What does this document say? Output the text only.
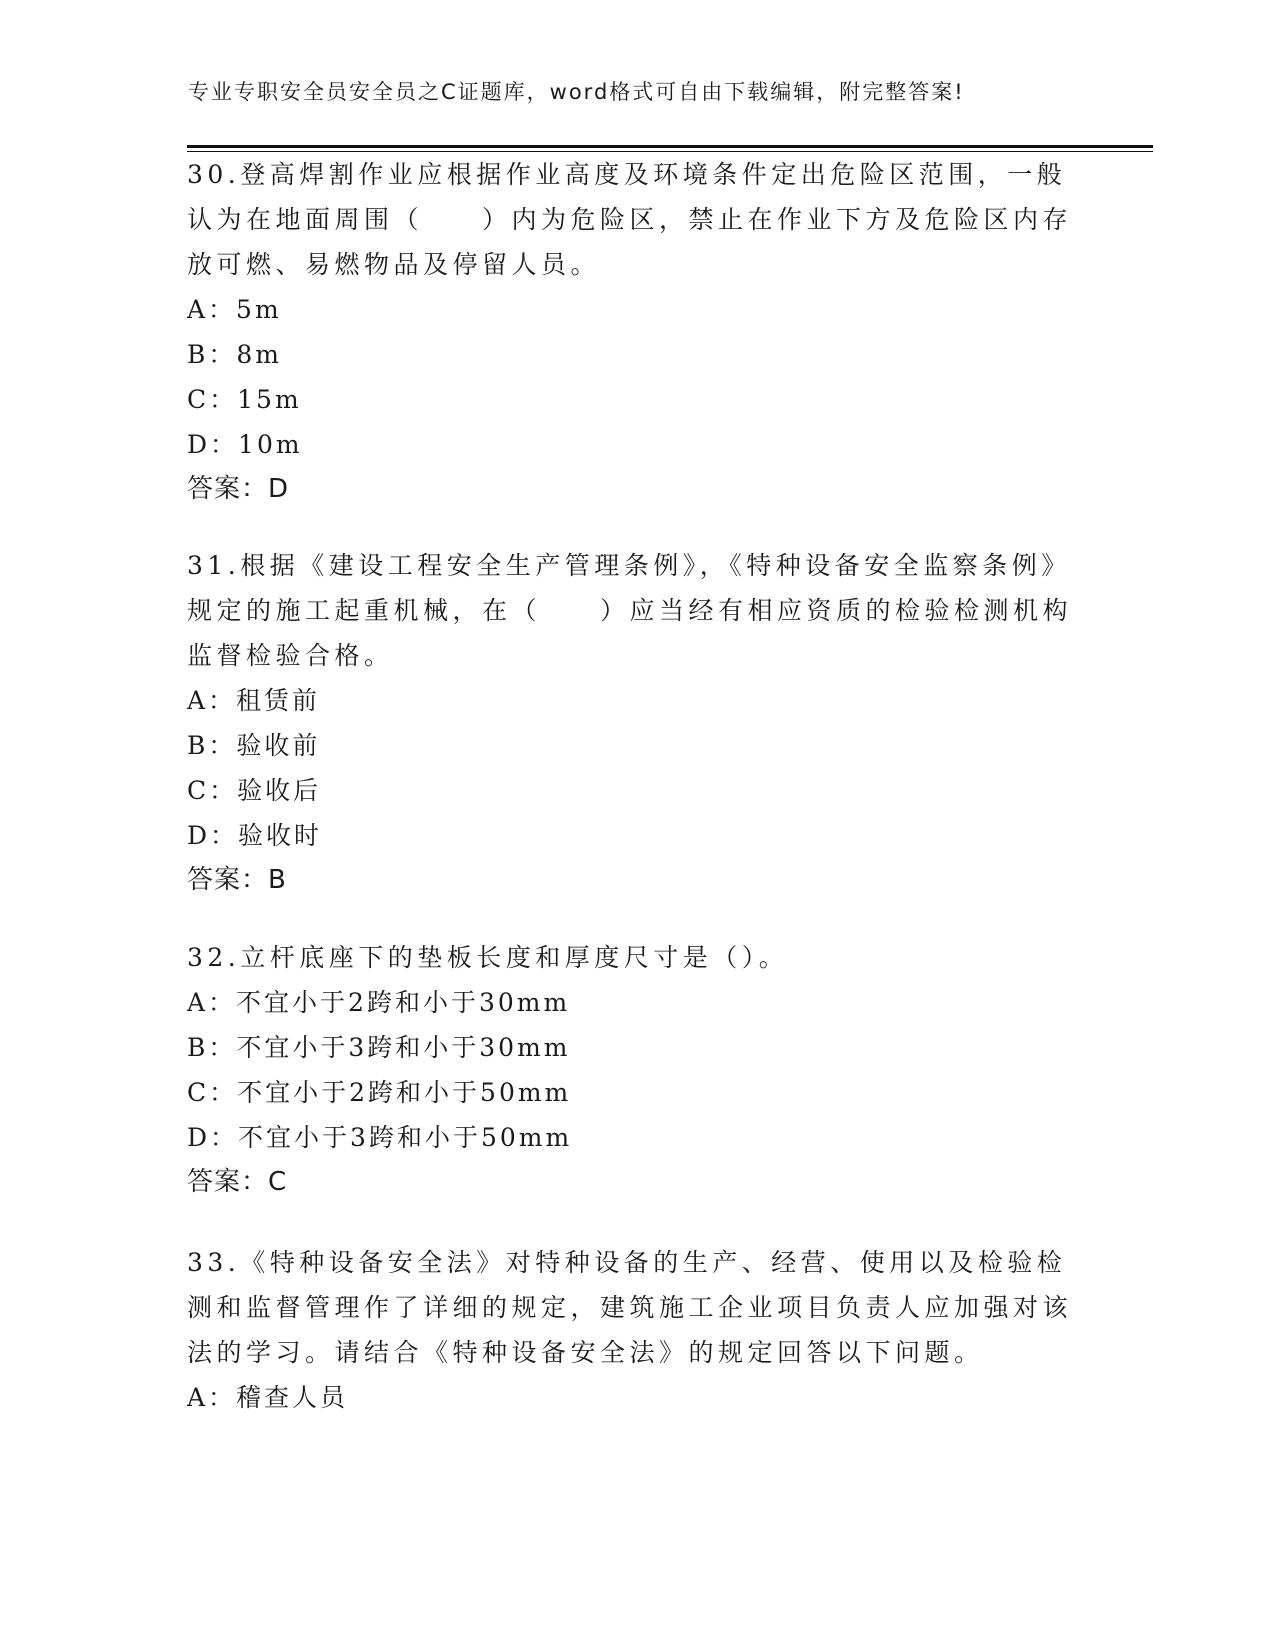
专业专职安全员安全员之C证题库，word格式可自由下载编辑，附完整答案!

30.登高焊割作业应根据作业高度及环境条件定出危险区范围，一般认为在地面周围（　　）内为危险区，禁止在作业下方及危险区内存放可燃、易燃物品及停留人员。

A：5m

B：8m

C：15m

D：10m

答案：D

31.根据《建设工程安全生产管理条例》，《特种设备安全监察条例》规定的施工起重机械，在（　　）应当经有相应资质的检验检测机构监督检验合格。

A：租赁前

B：验收前

C：验收后

D：验收时

答案：B

32.立杆底座下的垫板长度和厚度尺寸是（）。

A：不宜小于2跨和小于30mm

B：不宜小于3跨和小于30mm

C：不宜小于2跨和小于50mm

D：不宜小于3跨和小于50mm

答案：C

33.《特种设备安全法》对特种设备的生产、经营、使用以及检验检测和监督管理作了详细的规定，建筑施工企业项目负责人应加强对该法的学习。请结合《特种设备安全法》的规定回答以下问题。

A：稽查人员
